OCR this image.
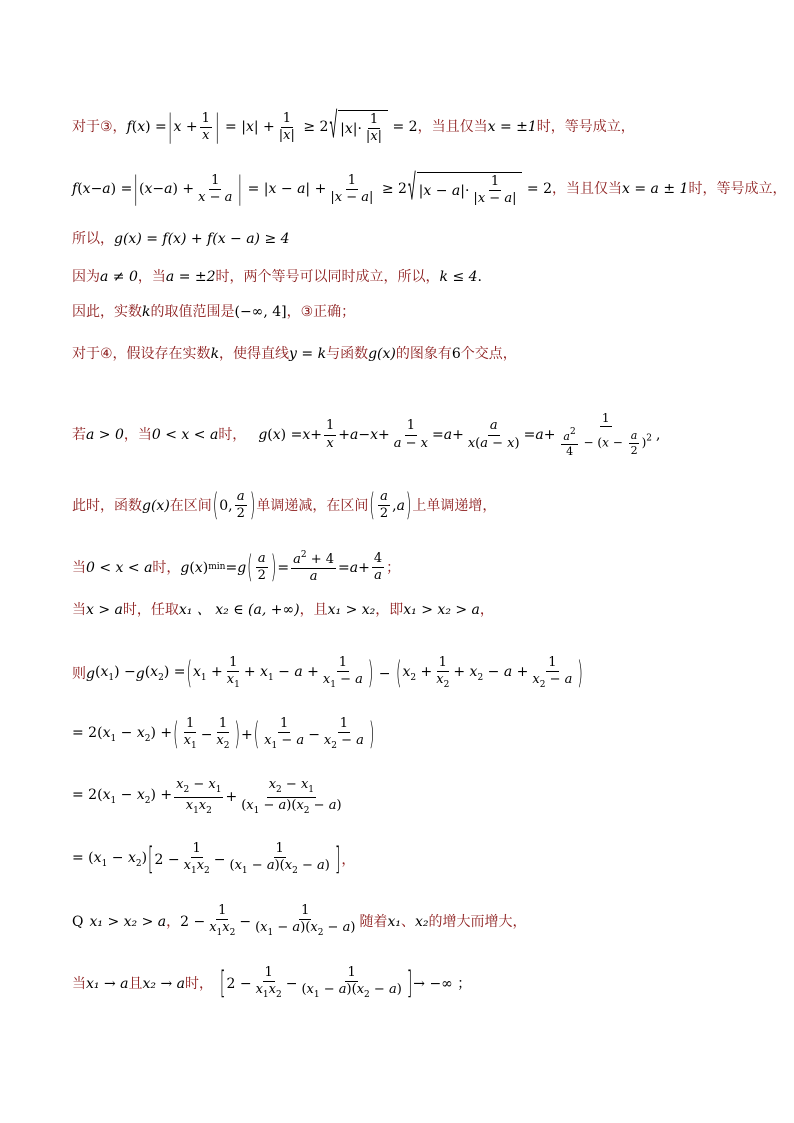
对于③， f ( x ) = | $x + \frac{1}{x}$ | = | x | + $\frac{1}{|x|} \ge 2$ √ $|x|\cdot \frac{1}{|x|} = 2$ ，当且仅当 x = ±1 时，等号成立，
f ( x − a ) = | ( x − a ) + $\frac{1}{x - a}$ | = $|x - a| + \frac{1}{|x - a|} \ge 2$ √ $|x - a|\cdot \frac{1}{|x - a|} = 2$ ，当且仅当 x = a ± 1 时，等号成立，
所以， g(x) = f(x) + f(x − a) ≥ 4
因为 a ≠ 0 ，当 a = ±2 时，两个等号可以同时成立，所以， k ≤ 4 .
因此，实数 k 的取值范围是 (−∞, 4] ，③正确；
对于④，假设存在实数 k ，使得直线 y = k 与函数 g(x) 的图象有 6 个交点，
若 a > 0 ，当 0 < x < a 时， g ( x ) = $x + \frac{1}{x} + a - x + \frac{1}{a - x} = a + \frac{a}{x(a - x)} = a + \frac{1}{\frac{a^2}{4} - (x - \frac{a}{2} )^2}$ ,
此时，函数 g(x) 在区间 ( 0, $\frac{a}{2}$ ) 单调递减，在区间 ( $\frac{a}{2}$ , a ) 上单调递增，
当 0 < x < a 时， g ( x ) min = g ( $\frac{a}{2}$ ) = $\frac{a^2 + 4}{a} = a + \frac{4}{a}$ ；
当 x > a 时，任取 x₁ 、 x₂ ∈ (a, +∞) ，且 x₁ > x₂ ，即 x₁ > x₂ > a ，
则 g $(x_1) - g$ $(x_2)$ = ( $x_1 + \frac{1}{x_1} + x_1 - a + \frac{1}{x_1 - a}$ ) − ( $x_2 + \frac{1}{x_2} + x_2 - a + \frac{1}{x_2 - a}$ )
= $2(x_1 - x_2)$ + ( $\frac{1}{x_1} - \frac{1}{x_2}$ ) + ( $\frac{1}{x_1 - a} - \frac{1}{x_2 - a}$ )
= $2(x_1 - x_2) + \frac{x_2 - x_1}{x_1x_2} + \frac{x_2 - x_1}{(x_1 - a)(x_2 - a)}$
= $(x_1 - x_2)$ [ $2 - \frac{1}{x_1x_2} - \frac{1}{(x_1 - a)(x_2 - a)}$ ] ，
Q x₁ > x₂ > a ， $2 - \frac{1}{x_1x_2} - \frac{1}{(x_1 - a)(x_2 - a)}$ 随着 x₁ 、 x₂ 的增大而增大，
当 x₁ → a 且 x₂ → a 时， [ $2 - \frac{1}{x_1x_2} - \frac{1}{(x_1 - a)(x_2 - a)}$ ] → −∞ ；
